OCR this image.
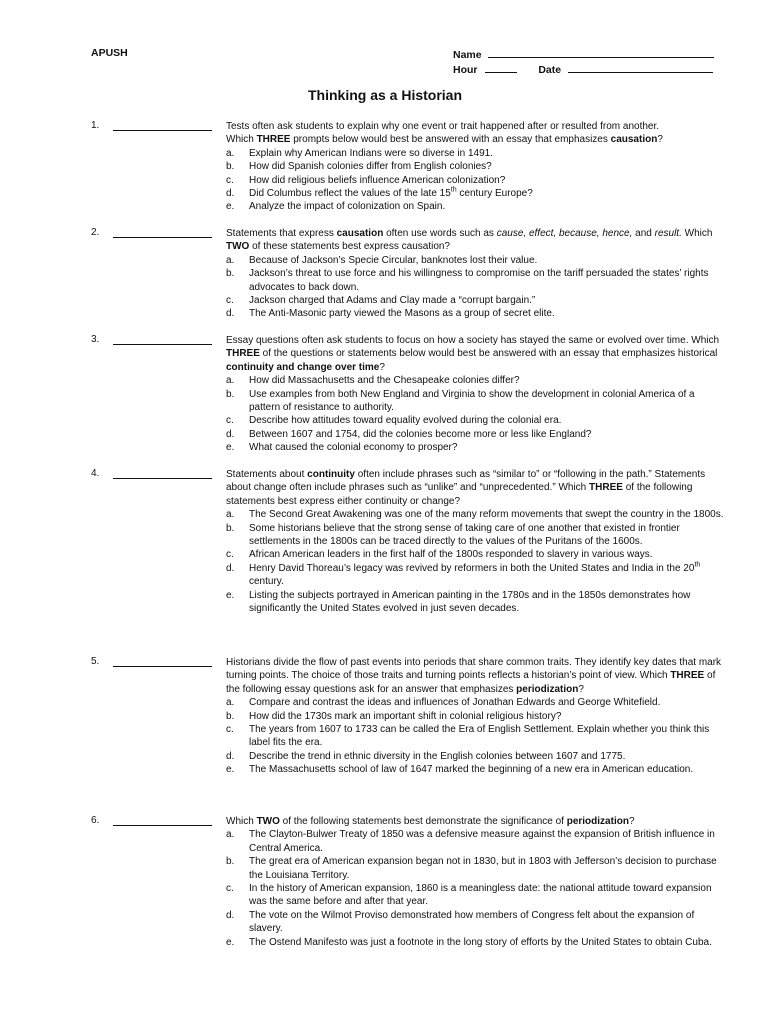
APUSH	Name
Hour	Date
Thinking as a Historian
1.	Tests often ask students to explain why one event or trait happened after or resulted from another.

Which THREE prompts below would best be answered with an essay that emphasizes causation?

a. Explain why American Indians were so diverse in 1491.
b. How did Spanish colonies differ from English colonies?
c. How did religious beliefs influence American colonization?
d. Did Columbus reflect the values of the late 15th century Europe?
e. Analyze the impact of colonization on Spain.
2.	Statements that express causation often use words such as cause, effect, because, hence, and result. Which TWO of these statements best express causation?

a. Because of Jackson’s Specie Circular, banknotes lost their value.
b. Jackson’s threat to use force and his willingness to compromise on the tariff persuaded the states’ rights advocates to back down.
c. Jackson charged that Adams and Clay made a “corrupt bargain.”
d. The Anti-Masonic party viewed the Masons as a group of secret elite.
3.	Essay questions often ask students to focus on how a society has stayed the same or evolved over time. Which THREE of the questions or statements below would best be answered with an essay that emphasizes historical continuity and change over time?

a. How did Massachusetts and the Chesapeake colonies differ?
b. Use examples from both New England and Virginia to show the development in colonial America of a pattern of resistance to authority.
c. Describe how attitudes toward equality evolved during the colonial era.
d. Between 1607 and 1754, did the colonies become more or less like England?
e. What caused the colonial economy to prosper?
4.	Statements about continuity often include phrases such as “similar to” or “following in the path.” Statements about change often include phrases such as “unlike” and “unprecedented.” Which THREE of the following statements best express either continuity or change?

a. The Second Great Awakening was one of the many reform movements that swept the country in the 1800s.
b. Some historians believe that the strong sense of taking care of one another that existed in frontier settlements in the 1800s can be traced directly to the values of the Puritans of the 1600s.
c. African American leaders in the first half of the 1800s responded to slavery in various ways.
d. Henry David Thoreau’s legacy was revived by reformers in both the United States and India in the 20th century.
e. Listing the subjects portrayed in American painting in the 1780s and in the 1850s demonstrates how significantly the United States evolved in just seven decades.
5.	Historians divide the flow of past events into periods that share common traits. They identify key dates that mark turning points. The choice of those traits and turning points reflects a historian’s point of view. Which THREE of the following essay questions ask for an answer that emphasizes periodization?

a. Compare and contrast the ideas and influences of Jonathan Edwards and George Whitefield.
b. How did the 1730s mark an important shift in colonial religious history?
c. The years from 1607 to 1733 can be called the Era of English Settlement. Explain whether you think this label fits the era.
d. Describe the trend in ethnic diversity in the English colonies between 1607 and 1775.
e. The Massachusetts school of law of 1647 marked the beginning of a new era in American education.
6.	Which TWO of the following statements best demonstrate the significance of periodization?

a. The Clayton-Bulwer Treaty of 1850 was a defensive measure against the expansion of British influence in Central America.
b. The great era of American expansion began not in 1830, but in 1803 with Jefferson’s decision to purchase the Louisiana Territory.
c. In the history of American expansion, 1860 is a meaningless date: the national attitude toward expansion was the same before and after that year.
d. The vote on the Wilmot Proviso demonstrated how members of Congress felt about the expansion of slavery.
e. The Ostend Manifesto was just a footnote in the long story of efforts by the United States to obtain Cuba.
